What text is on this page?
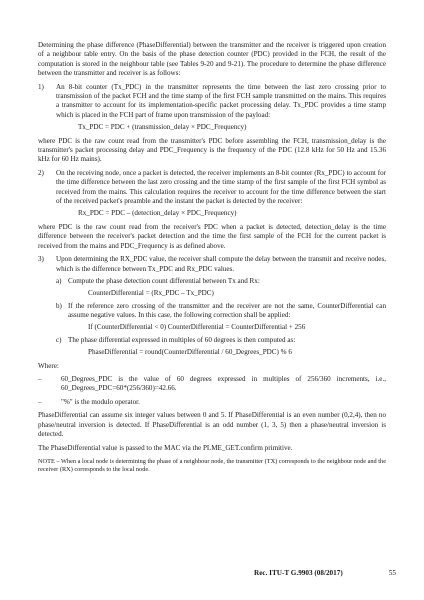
Determining the phase difference (PhaseDifferential) between the transmitter and the receiver is triggered upon creation of a neighbour table entry. On the basis of the phase detection counter (PDC) provided in the FCH, the result of the computation is stored in the neighbour table (see Tables 9-20 and 9-21). The procedure to determine the phase difference between the transmitter and receiver is as follows:

1)	An 8-bit counter (Tx_PDC) in the transmitter represents the time between the last zero crossing prior to transmission of the packet FCH and the time stamp of the first FCH sample transmitted on the mains. This requires a transmitter to account for its implementation-specific packet processing delay. Tx_PDC provides a time stamp which is placed in the FCH part of frame upon transmission of the payload:

Tx_PDC = PDC + (transmission_delay × PDC_Frequency)

where PDC is the raw count read from the transmitter's PDC before assembling the FCH, transmission_delay is the transmitter's packet processing delay and PDC_Frequency is the frequency of the PDC (12.8 kHz for 50 Hz and 15.36 kHz for 60 Hz mains).

2)	On the receiving node, once a packet is detected, the receiver implements an 8-bit counter (Rx_PDC) to account for the time difference between the last zero crossing and the time stamp of the first sample of the first FCH symbol as received from the mains. This calculation requires the receiver to account for the time difference between the start of the received packet's preamble and the instant the packet is detected by the receiver:

Rx_PDC = PDC – (detection_delay × PDC_Frequency)

where PDC is the raw count read from the receiver's PDC when a packet is detected, detection_delay is the time difference between the receiver's packet detection and the time the first sample of the FCH for the current packet is received from the mains and PDC_Frequency is as defined above.

3)	Upon determining the RX_PDC value, the receiver shall compute the delay between the transmit and receive nodes, which is the difference between Tx_PDC and Rx_PDC values.

a) Compute the phase detection count differential between Tx and Rx:

CounterDifferential = (Rx_PDC – Tx_PDC)
b) If the reference zero crossing of the transmitter and the receiver are not the same, CounterDifferential can assume negative values. In this case, the following correction shall be applied:

If (CounterDifferential < 0) CounterDifferential = CounterDifferential + 256
c) The phase differential expressed in multiples of 60 degrees is then computed as:

PhaseDifferential = round(CounterDifferential / 60_Degrees_PDC) % 6

Where:

–	60_Degrees_PDC is the value of 60 degrees expressed in multiples of 256/360 increments, i.e., 60_Degrees_PDC=60*(256/360)=42.66.

–	"%" is the modulo operator.

PhaseDifferential can assume six integer values between 0 and 5. If PhaseDifferential is an even number (0,2,4), then no phase/neutral inversion is detected. If PhaseDifferential is an odd number (1, 3, 5) then a phase/neutral inversion is detected.

The PhaseDifferential value is passed to the MAC via the PLME_GET.confirm primitive.

NOTE – When a local node is determining the phase of a neighbour node, the transmitter (TX) corresponds to the neighbour node and the receiver (RX) corresponds to the local node.

Rec. ITU-T G.9903 (08/2017)	55
